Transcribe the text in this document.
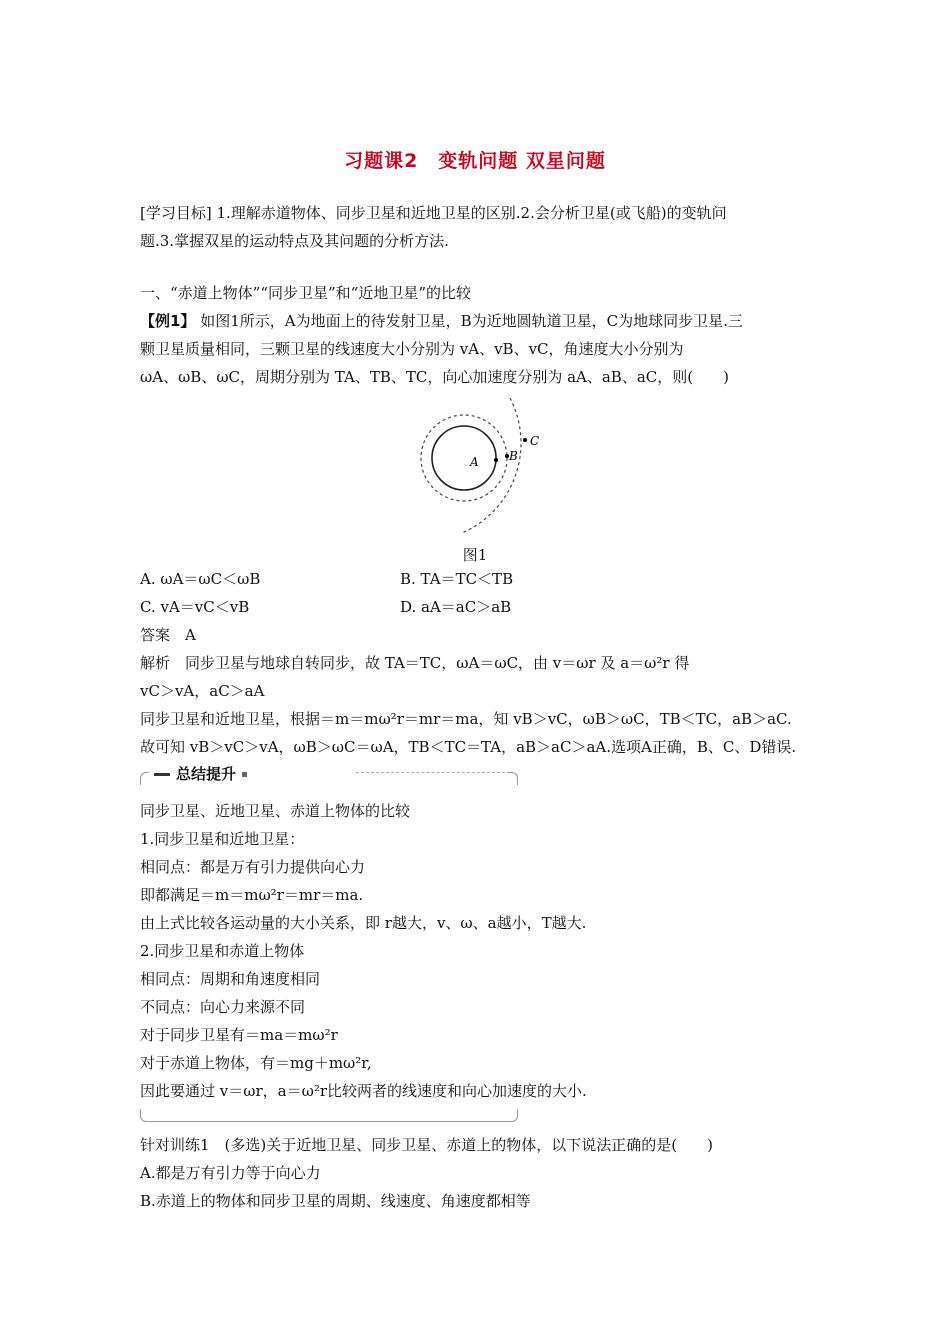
习题课2　变轨问题 双星问题
[学习目标] 1.理解赤道物体、同步卫星和近地卫星的区别.2.会分析卫星(或飞船)的变轨问
题.3.掌握双星的运动特点及其问题的分析方法.
一、“赤道上物体”“同步卫星”和“近地卫星”的比较
【例1】 如图1所示，A为地面上的待发射卫星，B为近地圆轨道卫星，C为地球同步卫星.三
颗卫星质量相同，三颗卫星的线速度大小分别为 vA、vB、vC，角速度大小分别为
ωA、ωB、ωC，周期分别为 TA、TB、TC，向心加速度分别为 aA、aB、aC，则(　　)
A	B
C
图1
A. ωA＝ωC＜ωB	B. TA＝TC＜TB
C. vA＝vC＜vB	D. aA＝aC＞aB
答案　A
解析　同步卫星与地球自转同步，故 TA＝TC，ωA＝ωC，由 v＝ωr 及 a＝ω²r 得
vC＞vA，aC＞aA
同步卫星和近地卫星，根据＝m＝mω²r＝mr＝ma，知 vB＞vC，ωB＞ωC，TB＜TC，aB＞aC.
故可知 vB＞vC＞vA，ωB＞ωC＝ωA，TB＜TC＝TA，aB＞aC＞aA.选项A正确，B、C、D错误.
总结提升
同步卫星、近地卫星、赤道上物体的比较
1.同步卫星和近地卫星：
相同点：都是万有引力提供向心力
即都满足＝m＝mω²r＝mr＝ma.
由上式比较各运动量的大小关系，即 r越大，v、ω、a越小，T越大.
2.同步卫星和赤道上物体
相同点：周期和角速度相同
不同点：向心力来源不同
对于同步卫星有＝ma＝mω²r
对于赤道上物体，有＝mg＋mω²r,
因此要通过 v＝ωr，a＝ω²r比较两者的线速度和向心加速度的大小.
针对训练1　(多选)关于近地卫星、同步卫星、赤道上的物体，以下说法正确的是(　　)
A.都是万有引力等于向心力
B.赤道上的物体和同步卫星的周期、线速度、角速度都相等
